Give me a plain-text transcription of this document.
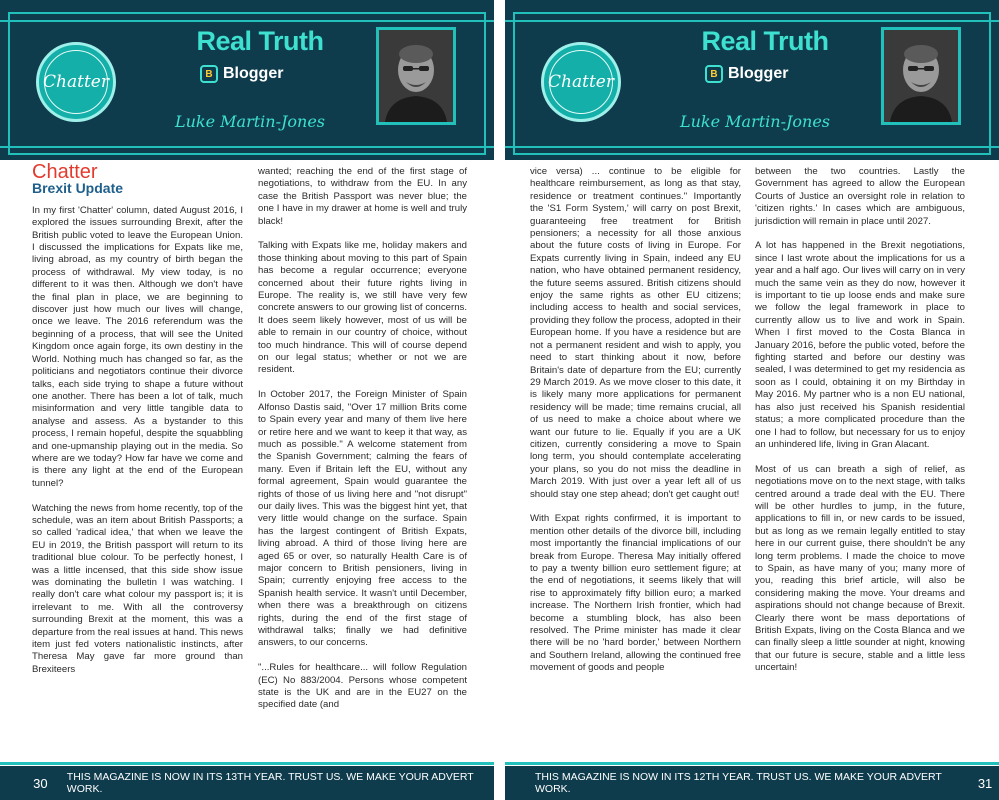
Chatter
Real Truth
B Blogger
Luke Martin-Jones
Chatter
Brexit Update

In my first 'Chatter' column, dated August 2016, I explored the issues surrounding Brexit, after the British public voted to leave the European Union. I discussed the implications for Expats like me, living abroad, as my country of birth began the process of withdrawal. My view today, is no different to it was then. Although we don't have the final plan in place, we are beginning to discover just how much our lives will change, once we leave. The 2016 referendum was the beginning of a process, that will see the United Kingdom once again forge, its own destiny in the World. Nothing much has changed so far, as the politicians and negotiators continue their divorce talks, each side trying to shape a future without one another. There has been a lot of talk, much misinformation and very little tangible data to analyse and assess. As a bystander to this process, I remain hopeful, despite the squabbling and one-upmanship playing out in the media. So where are we today? How far have we come and is there any light at the end of the European tunnel?

Watching the news from home recently, top of the schedule, was an item about British Passports; a so called 'radical idea,' that when we leave the EU in 2019, the British passport will return to its traditional blue colour. To be perfectly honest, I was a little incensed, that this side show issue was dominating the bulletin I was watching. I really don't care what colour my passport is; it is irrelevant to me. With all the controversy surrounding Brexit at the moment, this was a departure from the real issues at hand. This news item just fed voters nationalistic instincts, after Theresa May gave far more ground than Brexiteers

wanted; reaching the end of the first stage of negotiations, to withdraw from the EU. In any case the British Passport was never blue; the one I have in my drawer at home is well and truly black!

Talking with Expats like me, holiday makers and those thinking about moving to this part of Spain has become a regular occurrence; everyone concerned about their future rights living in Europe. The reality is, we still have very few concrete answers to our growing list of concerns. It does seem likely however, most of us will be able to remain in our country of choice, without too much hindrance. This will of course depend on our legal status; whether or not we are resident.

In October 2017, the Foreign Minister of Spain Alfonso Dastis said, "Over 17 million Brits come to Spain every year and many of them live here or retire here and we want to keep it that way, as much as possible." A welcome statement from the Spanish Government; calming the fears of many. Even if Britain left the EU, without any formal agreement, Spain would guarantee the rights of those of us living here and "not disrupt" our daily lives. This was the biggest hint yet, that very little would change on the surface. Spain has the largest contingent of British Expats, living abroad. A third of those living here are aged 65 or over, so naturally Health Care is of major concern to British pensioners, living in Spain; currently enjoying free access to the Spanish health service. It wasn't until December, when there was a breakthrough on citizens rights, during the end of the first stage of withdrawal talks; finally we had definitive answers, to our concerns.

"...Rules for healthcare... will follow Regulation (EC) No 883/2004. Persons whose competent state is the UK and are in the EU27 on the specified date (and

30	THIS MAGAZINE IS NOW IN ITS 13TH YEAR. TRUST US. WE MAKE YOUR ADVERT WORK.
Chatter
Real Truth
B Blogger
Luke Martin-Jones

vice versa) ... continue to be eligible for healthcare reimbursement, as long as that stay, residence or treatment continues." Importantly the 'S1 Form System,' will carry on post Brexit, guaranteeing free treatment for British pensioners; a necessity for all those anxious about the future costs of living in Europe. For Expats currently living in Spain, indeed any EU nation, who have obtained permanent residency, the future seems assured. British citizens should enjoy the same rights as other EU citizens; including access to health and social services, providing they follow the process, adopted in their European home. If you have a residence but are not a permanent resident and wish to apply, you need to start thinking about it now, before Britain's date of departure from the EU; currently 29 March 2019. As we move closer to this date, it is likely many more applications for permanent residency will be made; time remains crucial, all of us need to make a choice about where we want our future to lie. Equally if you are a UK citizen, currently considering a move to Spain long term, you should contemplate accelerating your plans, so you do not miss the deadline in March 2019. With just over a year left all of us should stay one step ahead; don't get caught out!

With Expat rights confirmed, it is important to mention other details of the divorce bill, including most importantly the financial implications of our break from Europe. Theresa May initially offered to pay a twenty billion euro settlement figure; at the end of negotiations, it seems likely that will rise to approximately fifty billion euro; a marked increase. The Northern Irish frontier, which had become a stumbling block, has also been resolved. The Prime minister has made it clear there will be no 'hard border,' between Northern and Southern Ireland, allowing the continued free movement of goods and people

between the two countries. Lastly the Government has agreed to allow the European Courts of Justice an oversight role in relation to 'citizen rights.' In cases which are ambiguous, jurisdiction will remain in place until 2027.

A lot has happened in the Brexit negotiations, since I last wrote about the implications for us a year and a half ago. Our lives will carry on in very much the same vein as they do now, however it is important to tie up loose ends and make sure we follow the legal framework in place to currently allow us to live and work in Spain. When I first moved to the Costa Blanca in January 2016, before the public voted, before the fighting started and before our destiny was sealed, I was determined to get my residencia as soon as I could, obtaining it on my Birthday in May 2016. My partner who is a non EU national, has also just received his Spanish residential status; a more complicated procedure than the one I had to follow, but necessary for us to enjoy an unhindered life, living in Gran Alacant.

Most of us can breath a sigh of relief, as negotiations move on to the next stage, with talks centred around a trade deal with the EU. There will be other hurdles to jump, in the future, applications to fill in, or new cards to be issued, but as long as we remain legally entitled to stay here in our current guise, there shouldn't be any long term problems. I made the choice to move to Spain, as have many of you; many more of you, reading this brief article, will also be considering making the move. Your dreams and aspirations should not change because of Brexit. Clearly there wont be mass deportations of British Expats, living on the Costa Blanca and we can finally sleep a little sounder at night, knowing that our future is secure, stable and a little less uncertain!

THIS MAGAZINE IS NOW IN ITS 12TH YEAR. TRUST US. WE MAKE YOUR ADVERT WORK.	31
